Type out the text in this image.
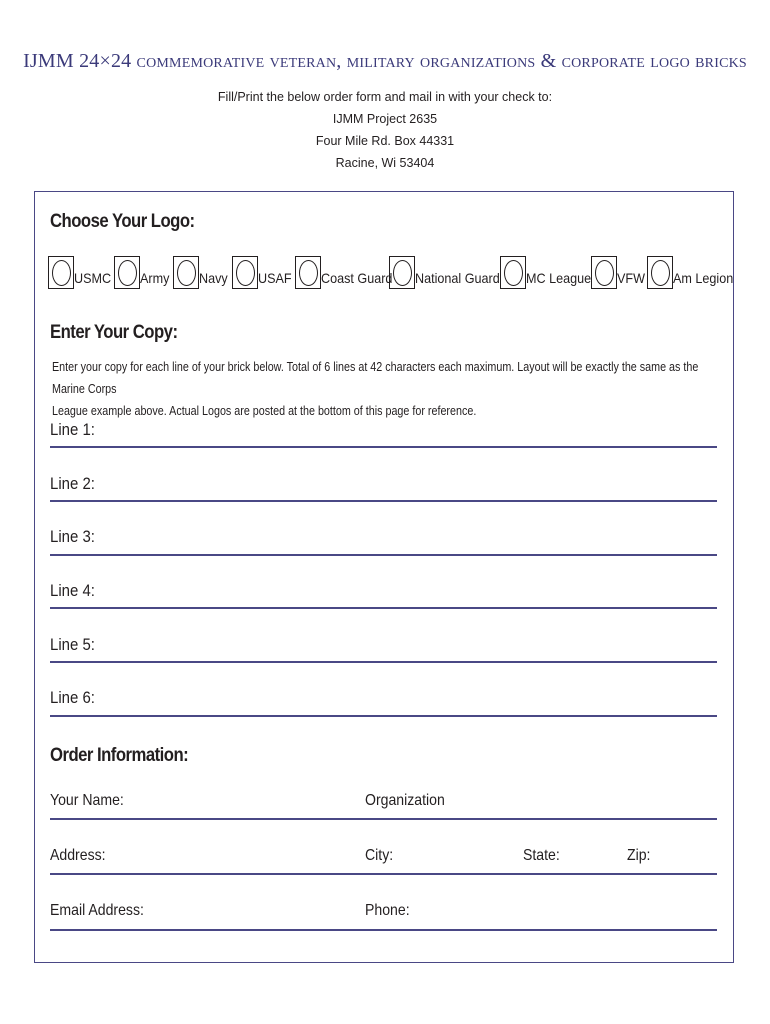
IJMM 24×24 commemorative veteran, military organizations & corporate logo bricks
Fill/Print the below order form and mail in with your check to:
IJMM Project 2635
Four Mile Rd. Box 44331
Racine, Wi 53404
Choose Your Logo:
USMC Army Navy USAF Coast Guard National Guard MC League VFW Am Legion
Enter Your Copy:
Enter your copy for each line of your brick below. Total of 6 lines at 42 characters each maximum. Layout will be exactly the same as the Marine Corps
League example above. Actual Logos are posted at the bottom of this page for reference.
Line 1:
Line 2:
Line 3:
Line 4:
Line 5:
Line 6:
Order Information:
Your Name:	Organization
Address:	City:	State:	Zip:
Email Address:	Phone:
